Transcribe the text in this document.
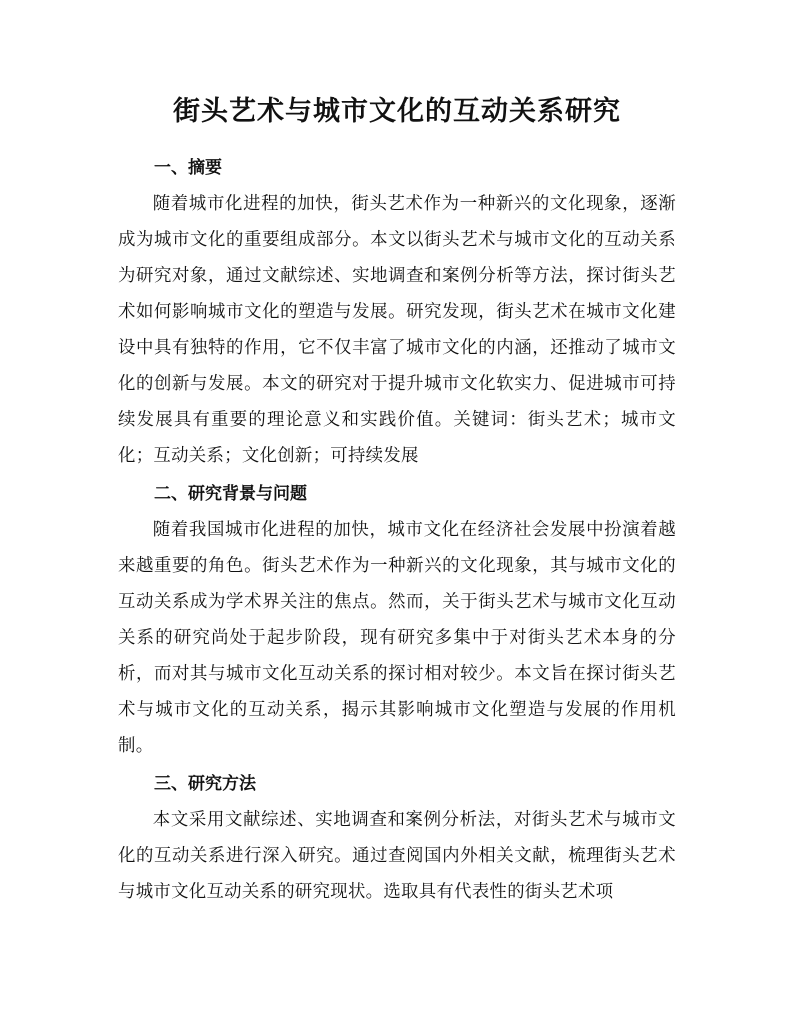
街头艺术与城市文化的互动关系研究
一、摘要

随着城市化进程的加快，街头艺术作为一种新兴的文化现象，逐渐成为城市文化的重要组成部分。本文以街头艺术与城市文化的互动关系为研究对象，通过文献综述、实地调查和案例分析等方法，探讨街头艺术如何影响城市文化的塑造与发展。研究发现，街头艺术在城市文化建设中具有独特的作用，它不仅丰富了城市文化的内涵，还推动了城市文化的创新与发展。本文的研究对于提升城市文化软实力、促进城市可持续发展具有重要的理论意义和实践价值。关键词：街头艺术；城市文化；互动关系；文化创新；可持续发展

二、研究背景与问题

随着我国城市化进程的加快，城市文化在经济社会发展中扮演着越来越重要的角色。街头艺术作为一种新兴的文化现象，其与城市文化的互动关系成为学术界关注的焦点。然而，关于街头艺术与城市文化互动关系的研究尚处于起步阶段，现有研究多集中于对街头艺术本身的分析，而对其与城市文化互动关系的探讨相对较少。本文旨在探讨街头艺术与城市文化的互动关系，揭示其影响城市文化塑造与发展的作用机制。

三、研究方法

本文采用文献综述、实地调查和案例分析法，对街头艺术与城市文化的互动关系进行深入研究。通过查阅国内外相关文献，梳理街头艺术与城市文化互动关系的研究现状。选取具有代表性的街头艺术项
